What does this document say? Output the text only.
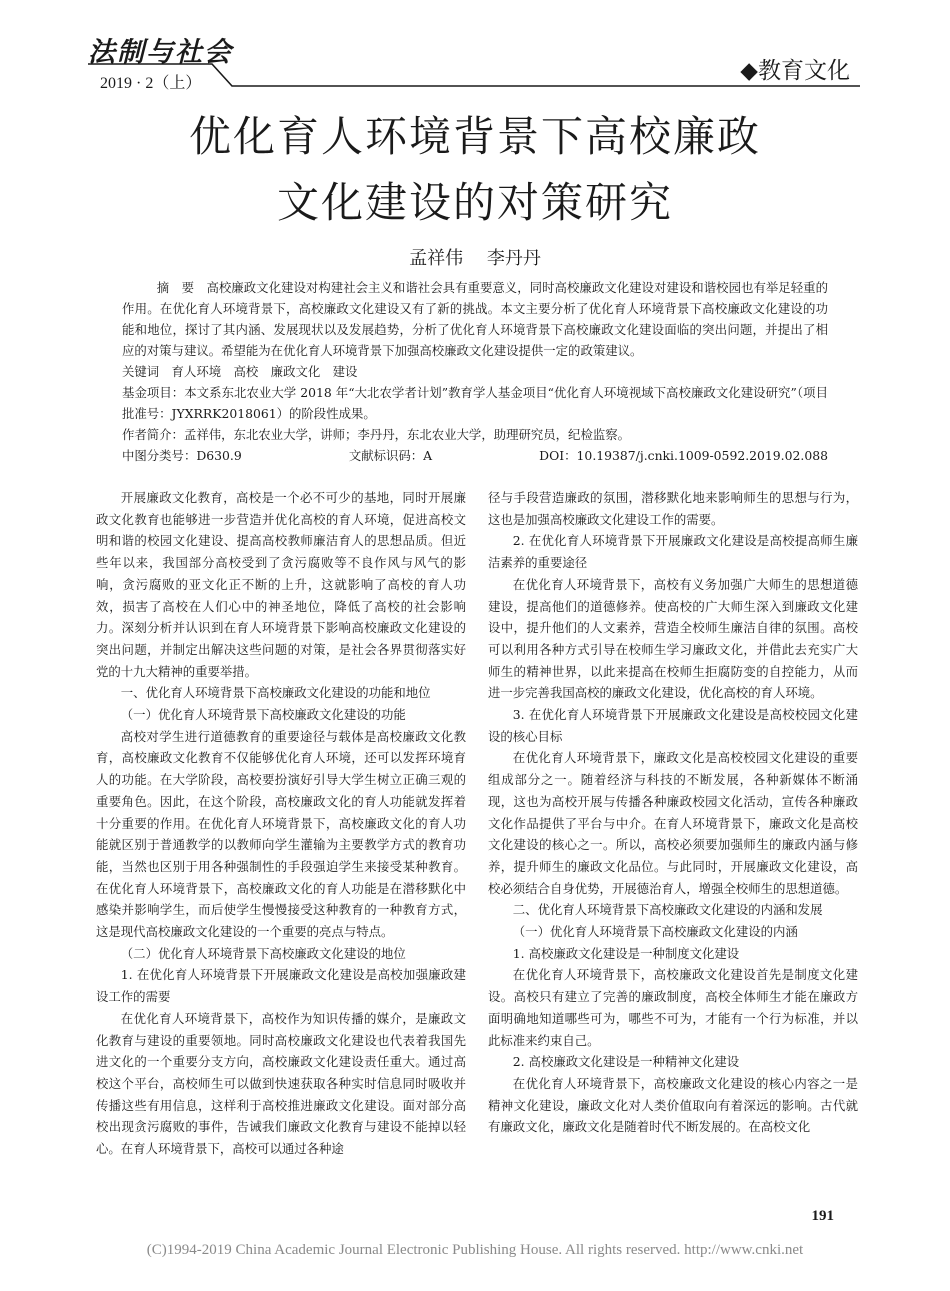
法制与社会
2019 · 2（上）	◆教育文化
优化育人环境背景下高校廉政
文化建设的对策研究
孟祥伟 李丹丹

摘　要　高校廉政文化建设对构建社会主义和谐社会具有重要意义，同时高校廉政文化建设对建设和谐校园也有举足轻重的作用。在优化育人环境背景下，高校廉政文化建设又有了新的挑战。本文主要分析了优化育人环境背景下高校廉政文化建设的功能和地位，探讨了其内涵、发展现状以及发展趋势，分析了优化育人环境背景下高校廉政文化建设面临的突出问题，并提出了相应的对策与建议。希望能为在优化育人环境背景下加强高校廉政文化建设提供一定的政策建议。

关键词　育人环境　高校　廉政文化　建设

基金项目：本文系东北农业大学 2018 年“大北农学者计划”教育学人基金项目“优化育人环境视域下高校廉政文化建设研究”（项目批准号：JYXRRK2018061）的阶段性成果。

作者简介：孟祥伟，东北农业大学，讲师；李丹丹，东北农业大学，助理研究员，纪检监察。

中图分类号：D630.9	文献标识码：A	DOI：10.19387/j.cnki.1009-0592.2019.02.088

开展廉政文化教育，高校是一个必不可少的基地，同时开展廉政文化教育也能够进一步营造并优化高校的育人环境，促进高校文明和谐的校园文化建设、提高高校教师廉洁育人的思想品质。但近些年以来，我国部分高校受到了贪污腐败等不良作风与风气的影响，贪污腐败的亚文化正不断的上升，这就影响了高校的育人功效，损害了高校在人们心中的神圣地位，降低了高校的社会影响力。深刻分析并认识到在育人环境背景下影响高校廉政文化建设的突出问题，并制定出解决这些问题的对策，是社会各界贯彻落实好党的十九大精神的重要举措。

一、优化育人环境背景下高校廉政文化建设的功能和地位

（一）优化育人环境背景下高校廉政文化建设的功能

高校对学生进行道德教育的重要途径与载体是高校廉政文化教育，高校廉政文化教育不仅能够优化育人环境，还可以发挥环境育人的功能。在大学阶段，高校要扮演好引导大学生树立正确三观的重要角色。因此，在这个阶段，高校廉政文化的育人功能就发挥着十分重要的作用。在优化育人环境背景下，高校廉政文化的育人功能就区别于普通教学的以教师向学生灌输为主要教学方式的教育功能，当然也区别于用各种强制性的手段强迫学生来接受某种教育。在优化育人环境背景下，高校廉政文化的育人功能是在潜移默化中感染并影响学生，而后使学生慢慢接受这种教育的一种教育方式，这是现代高校廉政文化建设的一个重要的亮点与特点。

（二）优化育人环境背景下高校廉政文化建设的地位

1. 在优化育人环境背景下开展廉政文化建设是高校加强廉政建设工作的需要

在优化育人环境背景下，高校作为知识传播的媒介，是廉政文化教育与建设的重要领地。同时高校廉政文化建设也代表着我国先进文化的一个重要分支方向，高校廉政文化建设责任重大。通过高校这个平台，高校师生可以做到快速获取各种实时信息同时吸收并传播这些有用信息，这样利于高校推进廉政文化建设。面对部分高校出现贪污腐败的事件，告诫我们廉政文化教育与建设不能掉以轻心。在育人环境背景下，高校可以通过各种途

径与手段营造廉政的氛围，潜移默化地来影响师生的思想与行为，这也是加强高校廉政文化建设工作的需要。

2. 在优化育人环境背景下开展廉政文化建设是高校提高师生廉洁素养的重要途径

在优化育人环境背景下，高校有义务加强广大师生的思想道德建设，提高他们的道德修养。使高校的广大师生深入到廉政文化建设中，提升他们的人文素养，营造全校师生廉洁自律的氛围。高校可以利用各种方式引导在校师生学习廉政文化，并借此去充实广大师生的精神世界，以此来提高在校师生拒腐防变的自控能力，从而进一步完善我国高校的廉政文化建设，优化高校的育人环境。

3. 在优化育人环境背景下开展廉政文化建设是高校校园文化建设的核心目标

在优化育人环境背景下，廉政文化是高校校园文化建设的重要组成部分之一。随着经济与科技的不断发展，各种新媒体不断涌现，这也为高校开展与传播各种廉政校园文化活动，宣传各种廉政文化作品提供了平台与中介。在育人环境背景下，廉政文化是高校文化建设的核心之一。所以，高校必须要加强师生的廉政内涵与修养，提升师生的廉政文化品位。与此同时，开展廉政文化建设，高校必须结合自身优势，开展德治育人，增强全校师生的思想道德。

二、优化育人环境背景下高校廉政文化建设的内涵和发展

（一）优化育人环境背景下高校廉政文化建设的内涵

1. 高校廉政文化建设是一种制度文化建设

在优化育人环境背景下，高校廉政文化建设首先是制度文化建设。高校只有建立了完善的廉政制度，高校全体师生才能在廉政方面明确地知道哪些可为，哪些不可为，才能有一个行为标准，并以此标准来约束自己。

2. 高校廉政文化建设是一种精神文化建设

在优化育人环境背景下，高校廉政文化建设的核心内容之一是精神文化建设，廉政文化对人类价值取向有着深远的影响。古代就有廉政文化，廉政文化是随着时代不断发展的。在高校文化

191
(C)1994-2019 China Academic Journal Electronic Publishing House. All rights reserved. http://www.cnki.net
